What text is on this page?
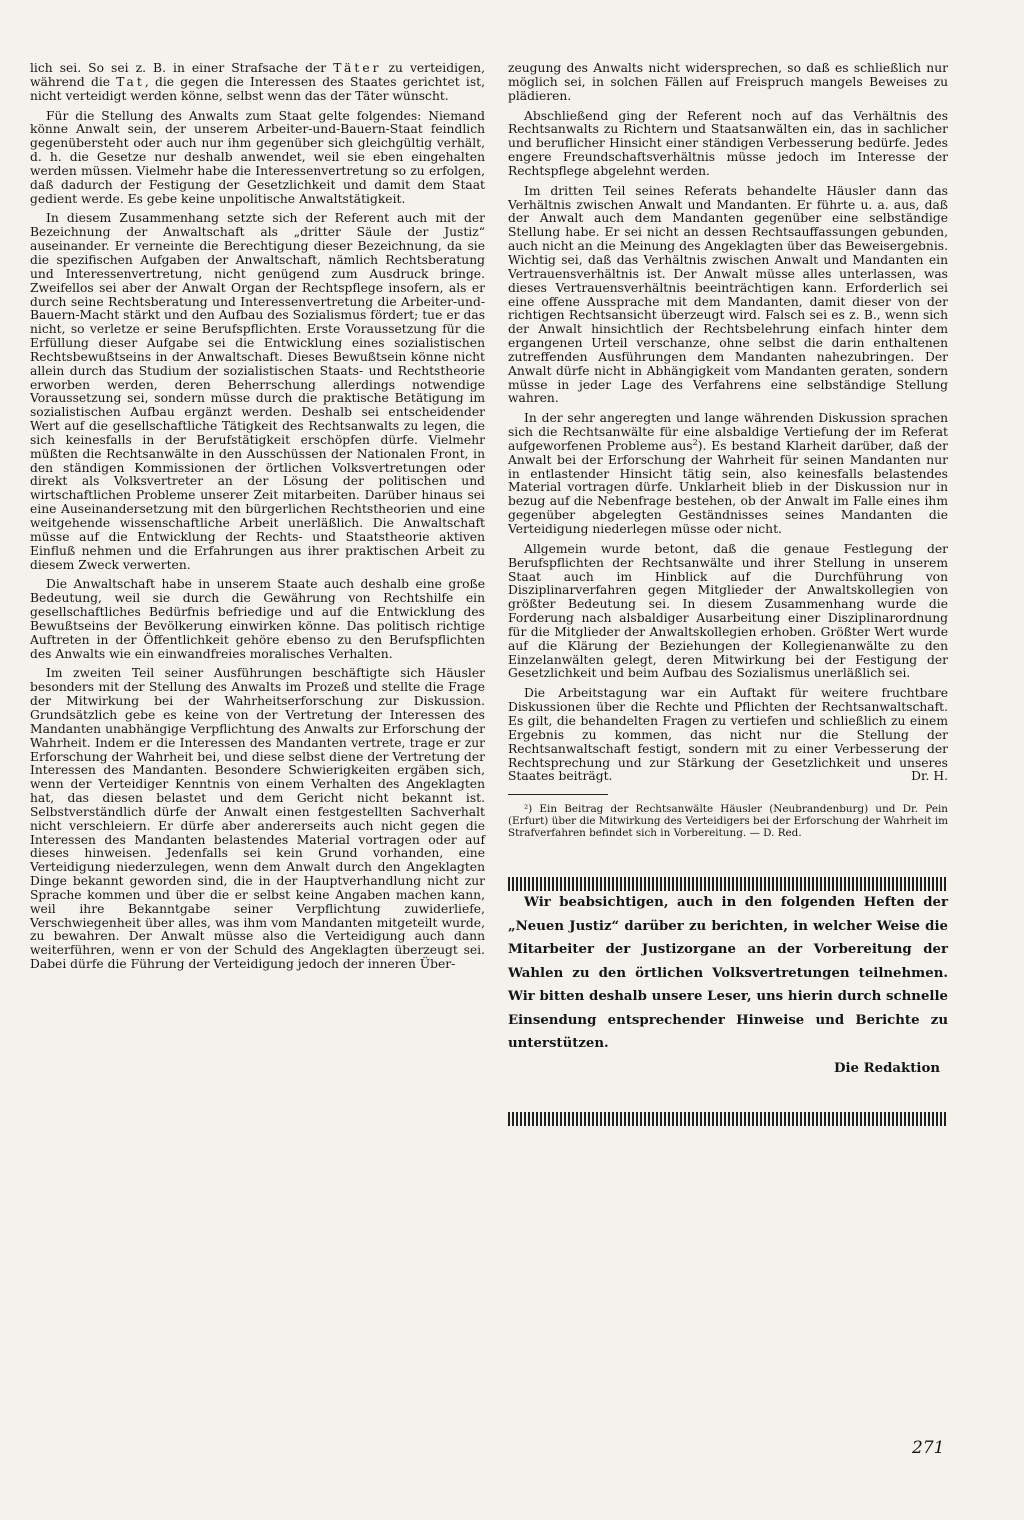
lich sei. So sei z. B. in einer Strafsache der Täter zu verteidigen, während die Tat, die gegen die Interessen des Staates gerichtet ist, nicht verteidigt werden könne, selbst wenn das der Täter wünscht.

Für die Stellung des Anwalts zum Staat gelte folgendes: Niemand könne Anwalt sein, der unserem Arbeiter-und-Bauern-Staat feindlich gegenübersteht oder auch nur ihm gegenüber sich gleichgültig verhält, d. h. die Gesetze nur deshalb anwendet, weil sie eben eingehalten werden müssen. Vielmehr habe die Interessenvertretung so zu erfolgen, daß dadurch der Festigung der Gesetzlichkeit und damit dem Staat gedient werde. Es gebe keine unpolitische Anwaltstätigkeit.

In diesem Zusammenhang setzte sich der Referent auch mit der Bezeichnung der Anwaltschaft als „dritter Säule der Justiz“ auseinander. Er verneinte die Berechtigung dieser Bezeichnung, da sie die spezifischen Aufgaben der Anwaltschaft, nämlich Rechtsberatung und Interessenvertretung, nicht genügend zum Ausdruck bringe. Zweifellos sei aber der Anwalt Organ der Rechtspflege insofern, als er durch seine Rechtsberatung und Interessenvertretung die Arbeiter-und-Bauern-Macht stärkt und den Aufbau des Sozialismus fördert; tue er das nicht, so verletze er seine Berufspflichten. Erste Voraussetzung für die Erfüllung dieser Aufgabe sei die Entwicklung eines sozialistischen Rechtsbewußtseins in der Anwaltschaft. Dieses Bewußtsein könne nicht allein durch das Studium der sozialistischen Staats- und Rechtstheorie erworben werden, deren Beherrschung allerdings notwendige Voraussetzung sei, sondern müsse durch die praktische Betätigung im sozialistischen Aufbau ergänzt werden. Deshalb sei entscheidender Wert auf die gesellschaftliche Tätigkeit des Rechtsanwalts zu legen, die sich keinesfalls in der Berufstätigkeit erschöpfen dürfe. Vielmehr müßten die Rechtsanwälte in den Ausschüssen der Nationalen Front, in den ständigen Kommissionen der örtlichen Volksvertretungen oder direkt als Volksvertreter an der Lösung der politischen und wirtschaftlichen Probleme unserer Zeit mitarbeiten. Darüber hinaus sei eine Auseinandersetzung mit den bürgerlichen Rechtstheorien und eine weitgehende wissenschaftliche Arbeit unerläßlich. Die Anwaltschaft müsse auf die Entwicklung der Rechts- und Staatstheorie aktiven Einfluß nehmen und die Erfahrungen aus ihrer praktischen Arbeit zu diesem Zweck verwerten.

Die Anwaltschaft habe in unserem Staate auch deshalb eine große Bedeutung, weil sie durch die Gewährung von Rechtshilfe ein gesellschaftliches Bedürfnis befriedige und auf die Entwicklung des Bewußtseins der Bevölkerung einwirken könne. Das politisch richtige Auftreten in der Öffentlichkeit gehöre ebenso zu den Berufspflichten des Anwalts wie ein einwandfreies moralisches Verhalten.

Im zweiten Teil seiner Ausführungen beschäftigte sich Häusler besonders mit der Stellung des Anwalts im Prozeß und stellte die Frage der Mitwirkung bei der Wahrheitserforschung zur Diskussion. Grundsätzlich gebe es keine von der Vertretung der Interessen des Mandanten unabhängige Verpflichtung des Anwalts zur Erforschung der Wahrheit. Indem er die Interessen des Mandanten vertrete, trage er zur Erforschung der Wahrheit bei, und diese selbst diene der Vertretung der Interessen des Mandanten. Besondere Schwierigkeiten ergäben sich, wenn der Verteidiger Kenntnis von einem Verhalten des Angeklagten hat, das diesen belastet und dem Gericht nicht bekannt ist. Selbstverständlich dürfe der Anwalt einen festgestellten Sachverhalt nicht verschleiern. Er dürfe aber andererseits auch nicht gegen die Interessen des Mandanten belastendes Material vortragen oder auf dieses hinweisen. Jedenfalls sei kein Grund vorhanden, eine Verteidigung niederzulegen, wenn dem Anwalt durch den Angeklagten Dinge bekannt geworden sind, die in der Hauptverhandlung nicht zur Sprache kommen und über die er selbst keine Angaben machen kann, weil ihre Bekanntgabe seiner Verpflichtung zuwiderliefe, Verschwiegenheit über alles, was ihm vom Mandanten mitgeteilt wurde, zu bewahren. Der Anwalt müsse also die Verteidigung auch dann weiterführen, wenn er von der Schuld des Angeklagten überzeugt sei. Dabei dürfe die Führung der Verteidigung jedoch der inneren Über-

zeugung des Anwalts nicht widersprechen, so daß es schließlich nur möglich sei, in solchen Fällen auf Freispruch mangels Beweises zu plädieren.

Abschließend ging der Referent noch auf das Verhältnis des Rechtsanwalts zu Richtern und Staatsanwälten ein, das in sachlicher und beruflicher Hinsicht einer ständigen Verbesserung bedürfe. Jedes engere Freundschaftsverhältnis müsse jedoch im Interesse der Rechtspflege abgelehnt werden.

Im dritten Teil seines Referats behandelte Häusler dann das Verhältnis zwischen Anwalt und Mandanten. Er führte u. a. aus, daß der Anwalt auch dem Mandanten gegenüber eine selbständige Stellung habe. Er sei nicht an dessen Rechtsauffassungen gebunden, auch nicht an die Meinung des Angeklagten über das Beweisergebnis. Wichtig sei, daß das Verhältnis zwischen Anwalt und Mandanten ein Vertrauensverhältnis ist. Der Anwalt müsse alles unterlassen, was dieses Vertrauensverhältnis beeinträchtigen kann. Erforderlich sei eine offene Aussprache mit dem Mandanten, damit dieser von der richtigen Rechtsansicht überzeugt wird. Falsch sei es z. B., wenn sich der Anwalt hinsichtlich der Rechtsbelehrung einfach hinter dem ergangenen Urteil verschanze, ohne selbst die darin enthaltenen zutreffenden Ausführungen dem Mandanten nahezubringen. Der Anwalt dürfe nicht in Abhängigkeit vom Mandanten geraten, sondern müsse in jeder Lage des Verfahrens eine selbständige Stellung wahren.

In der sehr angeregten und lange währenden Diskussion sprachen sich die Rechtsanwälte für eine alsbaldige Vertiefung der im Referat aufgeworfenen Probleme aus$^2$). Es bestand Klarheit darüber, daß der Anwalt bei der Erforschung der Wahrheit für seinen Mandanten nur in entlastender Hinsicht tätig sein, also keinesfalls belastendes Material vortragen dürfe. Unklarheit blieb in der Diskussion nur in bezug auf die Nebenfrage bestehen, ob der Anwalt im Falle eines ihm gegenüber abgelegten Geständnisses seines Mandanten die Verteidigung niederlegen müsse oder nicht.

Allgemein wurde betont, daß die genaue Festlegung der Berufspflichten der Rechtsanwälte und ihrer Stellung in unserem Staat auch im Hinblick auf die Durchführung von Disziplinarverfahren gegen Mitglieder der Anwaltskollegien von größter Bedeutung sei. In diesem Zusammenhang wurde die Forderung nach alsbaldiger Ausarbeitung einer Disziplinarordnung für die Mitglieder der Anwaltskollegien erhoben. Größter Wert wurde auf die Klärung der Beziehungen der Kollegienanwälte zu den Einzelanwälten gelegt, deren Mitwirkung bei der Festigung der Gesetzlichkeit und beim Aufbau des Sozialismus unerläßlich sei.

Die Arbeitstagung war ein Auftakt für weitere fruchtbare Diskussionen über die Rechte und Pflichten der Rechtsanwaltschaft. Es gilt, die behandelten Fragen zu vertiefen und schließlich zu einem Ergebnis zu kommen, das nicht nur die Stellung der Rechtsanwaltschaft festigt, sondern mit zu einer Verbesserung der Rechtsprechung und zur Stärkung der Gesetzlichkeit und unseres Staates beiträgt.	Dr. H.

²) Ein Beitrag der Rechtsanwälte Häusler (Neubrandenburg) und Dr. Pein (Erfurt) über die Mitwirkung des Verteidigers bei der Erforschung der Wahrheit im Strafverfahren befindet sich in Vorbereitung. — D. Red.

Wir beabsichtigen, auch in den folgenden Heften der „Neuen Justiz“ darüber zu berichten, in welcher Weise die Mitarbeiter der Justizorgane an der Vorbereitung der Wahlen zu den örtlichen Volksvertretungen teilnehmen. Wir bitten deshalb unsere Leser, uns hierin durch schnelle Einsendung entsprechender Hinweise und Berichte zu unterstützen.

Die Redaktion
271
